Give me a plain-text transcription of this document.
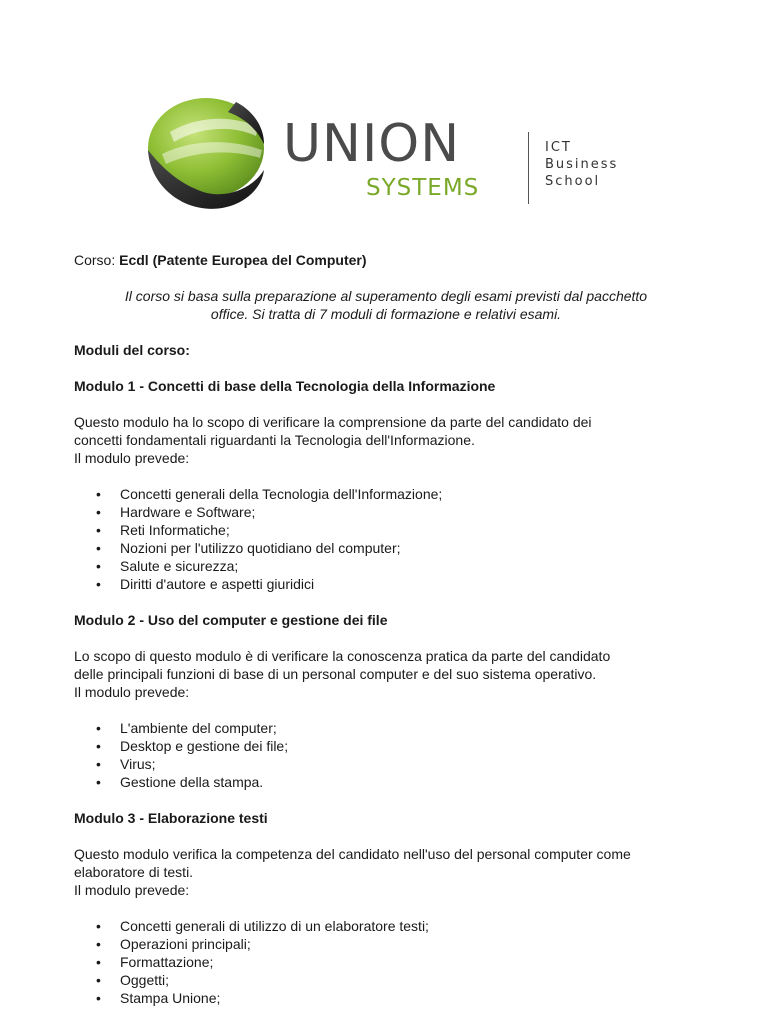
UNION
SYSTEMS
ICT
Business
School

Corso: Ecdl (Patente Europea del Computer)

Il corso si basa sulla preparazione al superamento degli esami previsti dal pacchetto
office. Si tratta di 7 moduli di formazione e relativi esami.
Moduli del corso:
Modulo 1 - Concetti di base della Tecnologia della Informazione
Questo modulo ha lo scopo di verificare la comprensione da parte del candidato dei
concetti fondamentali riguardanti la Tecnologia dell'Informazione.
Il modulo prevede:
• Concetti generali della Tecnologia dell'Informazione;
• Hardware e Software;
• Reti Informatiche;
• Nozioni per l'utilizzo quotidiano del computer;
• Salute e sicurezza;
• Diritti d'autore e aspetti giuridici
Modulo 2 - Uso del computer e gestione dei file
Lo scopo di questo modulo è di verificare la conoscenza pratica da parte del candidato
delle principali funzioni di base di un personal computer e del suo sistema operativo.
Il modulo prevede:
• L'ambiente del computer;
• Desktop e gestione dei file;
• Virus;
• Gestione della stampa.
Modulo 3 - Elaborazione testi
Questo modulo verifica la competenza del candidato nell'uso del personal computer come
elaboratore di testi.
Il modulo prevede:
• Concetti generali di utilizzo di un elaboratore testi;
• Operazioni principali;
• Formattazione;
• Oggetti;
• Stampa Unione;
